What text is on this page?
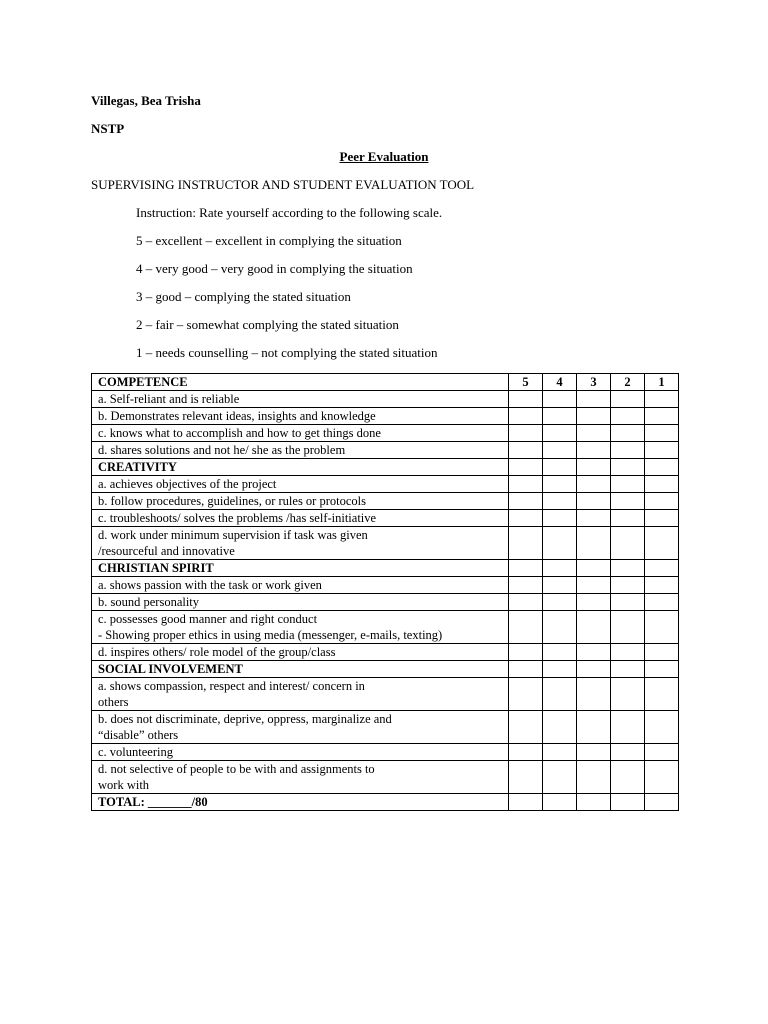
Villegas, Bea Trisha
NSTP
Peer Evaluation
SUPERVISING INSTRUCTOR AND STUDENT EVALUATION TOOL
Instruction: Rate yourself according to the following scale.
5 – excellent – excellent in complying the situation
4 – very good – very good in complying the situation
3 – good – complying the stated situation
2 – fair – somewhat complying the stated situation
1 – needs counselling – not complying the stated situation
COMPETENCE	5	4	3	2	1

a. Self-reliant and is reliable					

b. Demonstrates relevant ideas, insights and knowledge					

c. knows what to accomplish and how to get things done					

d. shares solutions and not he/ she as the problem					

CREATIVITY					

a. achieves objectives of the project					

b. follow procedures, guidelines, or rules or protocols					

c. troubleshoots/ solves the problems /has self-initiative					

d. work under minimum supervision if task was given
/resourceful and innovative					

CHRISTIAN SPIRIT					

a. shows passion with the task or work given					

b. sound personality					

c. possesses good manner and right conduct
- Showing proper ethics in using media (messenger, e-mails, texting)					

d. inspires others/ role model of the group/class					

SOCIAL INVOLVEMENT					

a. shows compassion, respect and interest/ concern in
others					

b. does not discriminate, deprive, oppress, marginalize and
“disable” others					

c. volunteering					

d. not selective of people to be with and assignments to
work with					

TOTAL: _______/80					
